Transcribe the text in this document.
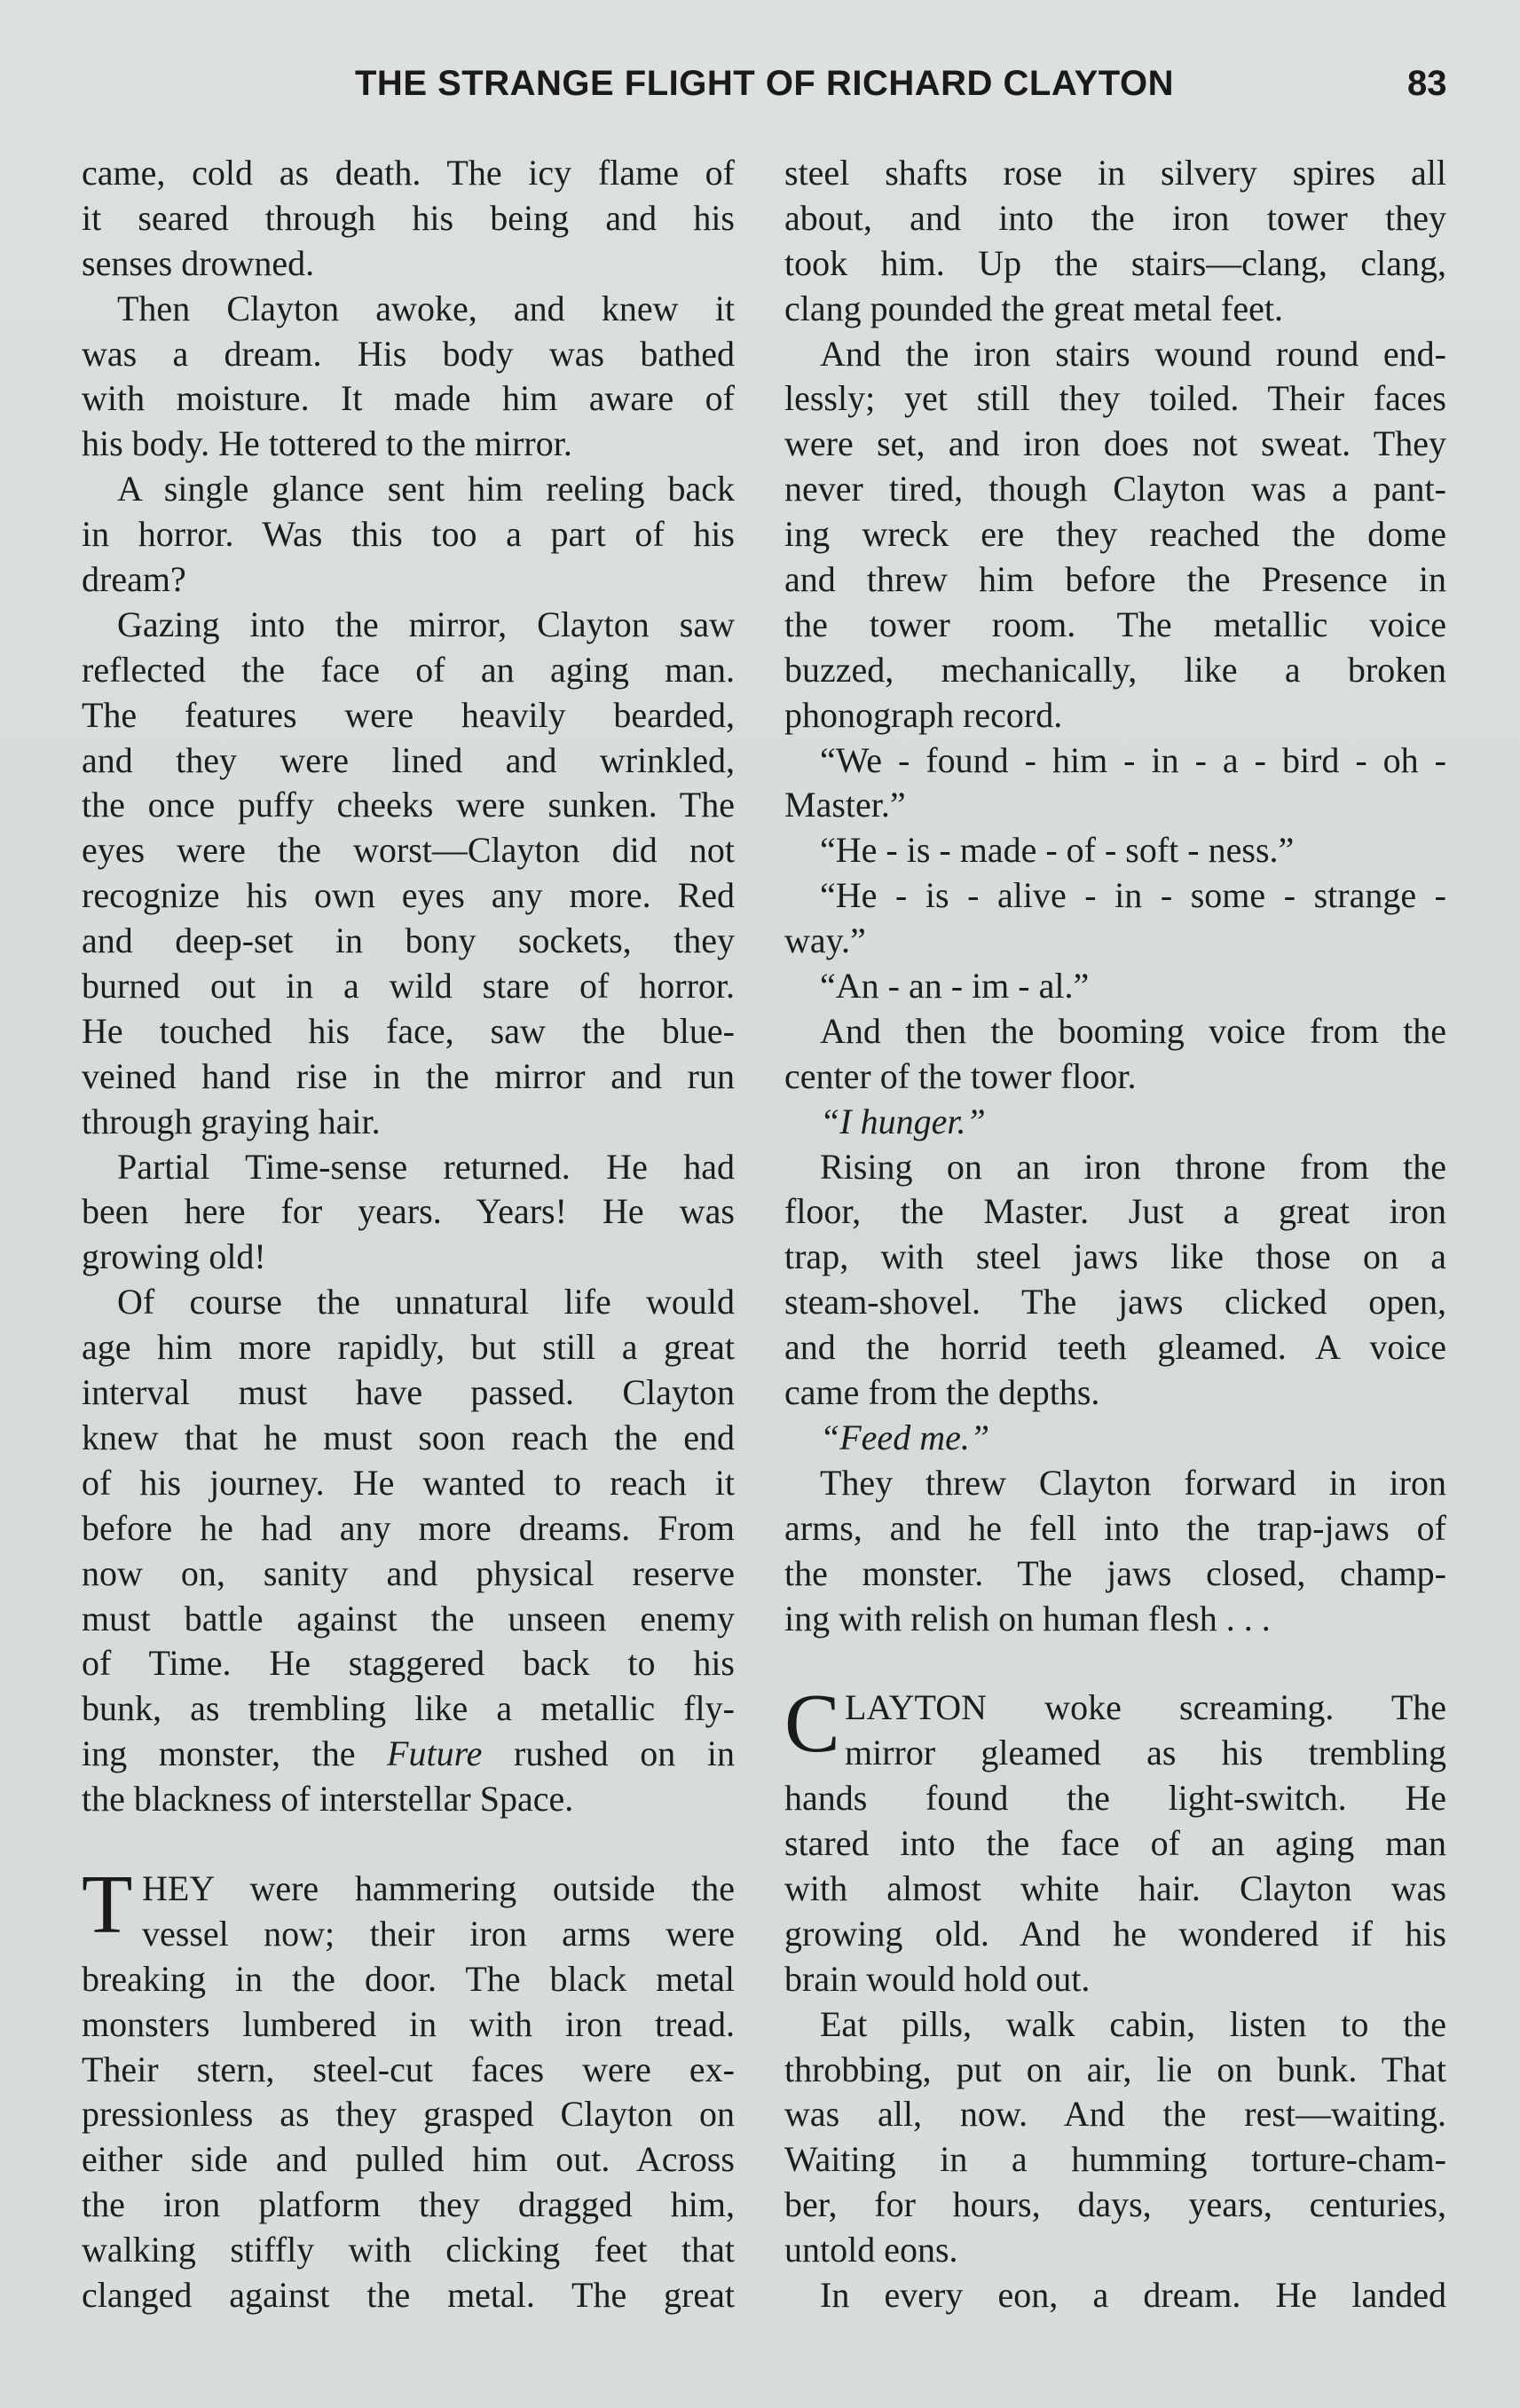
THE STRANGE FLIGHT OF RICHARD CLAYTON	83
came, cold as death. The icy flame of
it seared through his being and his
senses drowned.
Then Clayton awoke, and knew it
was a dream. His body was bathed
with moisture. It made him aware of
his body. He tottered to the mirror.
A single glance sent him reeling back
in horror. Was this too a part of his
dream?
Gazing into the mirror, Clayton saw
reflected the face of an aging man.
The features were heavily bearded,
and they were lined and wrinkled,
the once puffy cheeks were sunken. The
eyes were the worst—Clayton did not
recognize his own eyes any more. Red
and deep-set in bony sockets, they
burned out in a wild stare of horror.
He touched his face, saw the blue-
veined hand rise in the mirror and run
through graying hair.
Partial Time-sense returned. He had
been here for years. Years! He was
growing old!
Of course the unnatural life would
age him more rapidly, but still a great
interval must have passed. Clayton
knew that he must soon reach the end
of his journey. He wanted to reach it
before he had any more dreams. From
now on, sanity and physical reserve
must battle against the unseen enemy
of Time. He staggered back to his
bunk, as trembling like a metallic fly-
ing monster, the Future rushed on in
the blackness of interstellar Space.
T HEY were hammering outside the
vessel now; their iron arms were
breaking in the door. The black metal
monsters lumbered in with iron tread.
Their stern, steel-cut faces were ex-
pressionless as they grasped Clayton on
either side and pulled him out. Across
the iron platform they dragged him,
walking stiffly with clicking feet that
clanged against the metal. The great
steel shafts rose in silvery spires all
about, and into the iron tower they
took him. Up the stairs—clang, clang,
clang pounded the great metal feet.
And the iron stairs wound round end-
lessly; yet still they toiled. Their faces
were set, and iron does not sweat. They
never tired, though Clayton was a pant-
ing wreck ere they reached the dome
and threw him before the Presence in
the tower room. The metallic voice
buzzed, mechanically, like a broken
phonograph record.
“We - found - him - in - a - bird - oh -
Master.”
“He - is - made - of - soft - ness.”
“He - is - alive - in - some - strange -
way.”
“An - an - im - al.”
And then the booming voice from the
center of the tower floor.
“I hunger.”
Rising on an iron throne from the
floor, the Master. Just a great iron
trap, with steel jaws like those on a
steam-shovel. The jaws clicked open,
and the horrid teeth gleamed. A voice
came from the depths.
“Feed me.”
They threw Clayton forward in iron
arms, and he fell into the trap-jaws of
the monster. The jaws closed, champ-
ing with relish on human flesh . . .
C LAYTON woke screaming. The
mirror gleamed as his trembling
hands found the light-switch. He
stared into the face of an aging man
with almost white hair. Clayton was
growing old. And he wondered if his
brain would hold out.
Eat pills, walk cabin, listen to the
throbbing, put on air, lie on bunk. That
was all, now. And the rest—waiting.
Waiting in a humming torture-cham-
ber, for hours, days, years, centuries,
untold eons.
In every eon, a dream. He landed
